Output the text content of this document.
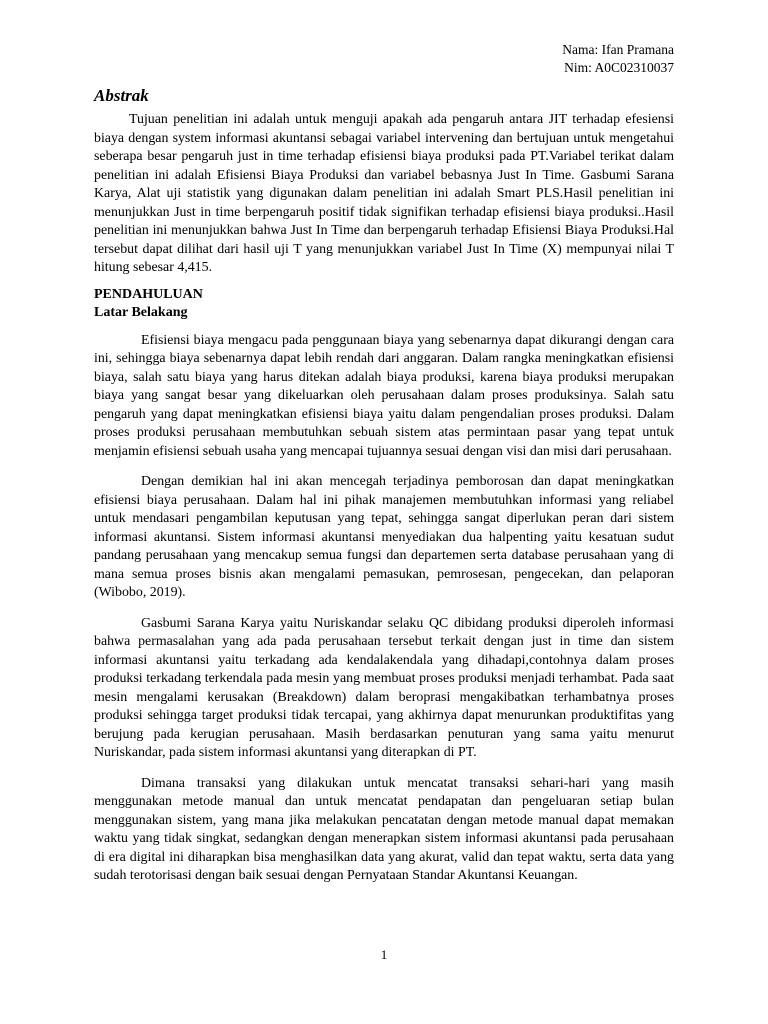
Nama: Ifan Pramana
Nim: A0C02310037
Abstrak

Tujuan penelitian ini adalah untuk menguji apakah ada pengaruh antara JIT terhadap efesiensi biaya dengan system informasi akuntansi sebagai variabel intervening dan bertujuan untuk mengetahui seberapa besar pengaruh just in time terhadap efisiensi biaya produksi pada PT.Variabel terikat dalam penelitian ini adalah Efisiensi Biaya Produksi dan variabel bebasnya Just In Time. Gasbumi Sarana Karya, Alat uji statistik yang digunakan dalam penelitian ini adalah Smart PLS.Hasil penelitian ini menunjukkan Just in time berpengaruh positif tidak signifikan terhadap efisiensi biaya produksi..Hasil penelitian ini menunjukkan bahwa Just In Time dan berpengaruh terhadap Efisiensi Biaya Produksi.Hal tersebut dapat dilihat dari hasil uji T yang menunjukkan variabel Just In Time (X) mempunyai nilai T hitung sebesar 4,415.

PENDAHULUAN
Latar Belakang

Efisiensi biaya mengacu pada penggunaan biaya yang sebenarnya dapat dikurangi dengan cara ini, sehingga biaya sebenarnya dapat lebih rendah dari anggaran. Dalam rangka meningkatkan efisiensi biaya, salah satu biaya yang harus ditekan adalah biaya produksi, karena biaya produksi merupakan biaya yang sangat besar yang dikeluarkan oleh perusahaan dalam proses produksinya. Salah satu pengaruh yang dapat meningkatkan efisiensi biaya yaitu dalam pengendalian proses produksi. Dalam proses produksi perusahaan membutuhkan sebuah sistem atas permintaan pasar yang tepat untuk menjamin efisiensi sebuah usaha yang mencapai tujuannya sesuai dengan visi dan misi dari perusahaan.

Dengan demikian hal ini akan mencegah terjadinya pemborosan dan dapat meningkatkan efisiensi biaya perusahaan. Dalam hal ini pihak manajemen membutuhkan informasi yang reliabel untuk mendasari pengambilan keputusan yang tepat, sehingga sangat diperlukan peran dari sistem informasi akuntansi. Sistem informasi akuntansi menyediakan dua halpenting yaitu kesatuan sudut pandang perusahaan yang mencakup semua fungsi dan departemen serta database perusahaan yang di mana semua proses bisnis akan mengalami pemasukan, pemrosesan, pengecekan, dan pelaporan (Wibobo, 2019).

Gasbumi Sarana Karya yaitu Nuriskandar selaku QC dibidang produksi diperoleh informasi bahwa permasalahan yang ada pada perusahaan tersebut terkait dengan just in time dan sistem informasi akuntansi yaitu terkadang ada kendalakendala yang dihadapi,contohnya dalam proses produksi terkadang terkendala pada mesin yang membuat proses produksi menjadi terhambat. Pada saat mesin mengalami kerusakan (Breakdown) dalam beroprasi mengakibatkan terhambatnya proses produksi sehingga target produksi tidak tercapai, yang akhirnya dapat menurunkan produktifitas yang berujung pada kerugian perusahaan. Masih berdasarkan penuturan yang sama yaitu menurut Nuriskandar, pada sistem informasi akuntansi yang diterapkan di PT.

Dimana transaksi yang dilakukan untuk mencatat transaksi sehari-hari yang masih menggunakan metode manual dan untuk mencatat pendapatan dan pengeluaran setiap bulan menggunakan sistem, yang mana jika melakukan pencatatan dengan metode manual dapat memakan waktu yang tidak singkat, sedangkan dengan menerapkan sistem informasi akuntansi pada perusahaan di era digital ini diharapkan bisa menghasilkan data yang akurat, valid dan tepat waktu, serta data yang sudah terotorisasi dengan baik sesuai dengan Pernyataan Standar Akuntansi Keuangan.

1
